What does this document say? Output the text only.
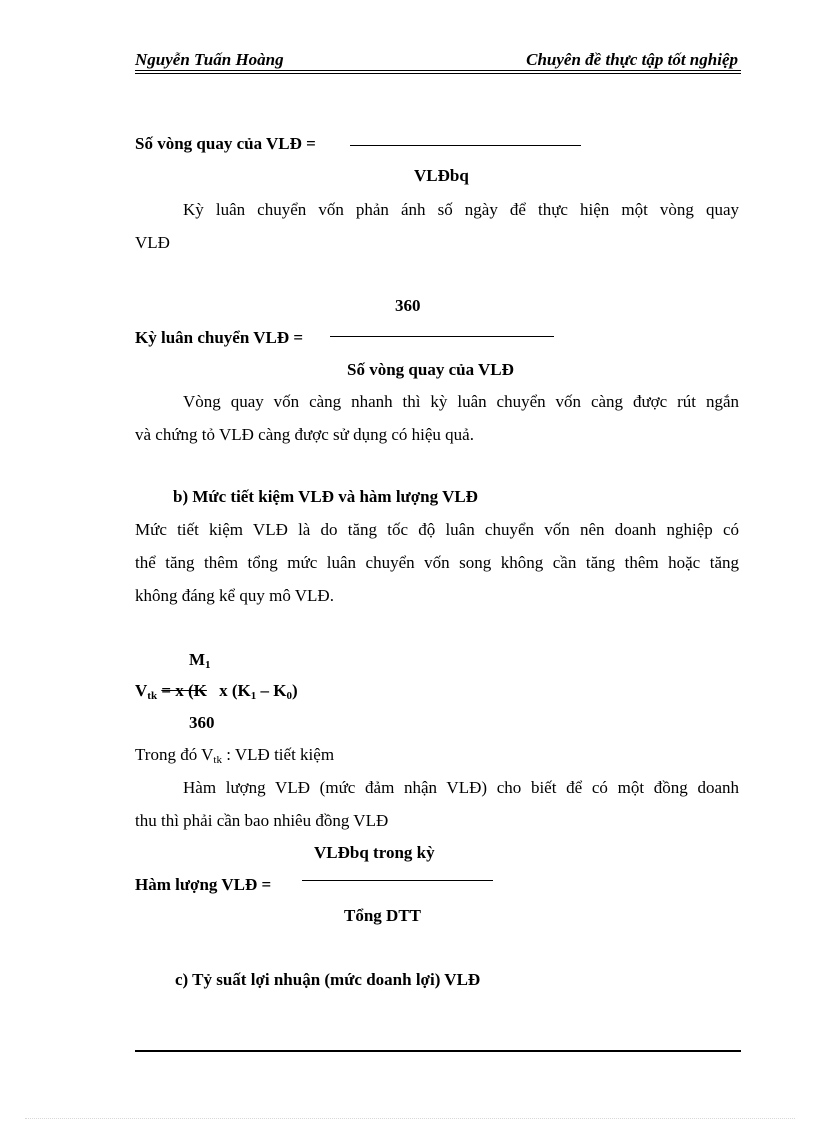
Nguyễn Tuấn Hoàng	Chuyên đề thực tập tốt nghiệp
Số vòng quay của VLĐ =
VLĐbq
Kỳ luân chuyển vốn phản ánh số ngày để thực hiện một vòng quay
VLĐ
360
Kỳ luân chuyển VLĐ =
Số vòng quay của VLĐ
Vòng quay vốn càng nhanh thì kỳ luân chuyển vốn càng được rút ngắn
và chứng tỏ VLĐ càng được sử dụng có hiệu quả.
b) Mức tiết kiệm VLĐ và hàm lượng VLĐ
Mức tiết kiệm VLĐ là do tăng tốc độ luân chuyển vốn nên doanh nghiệp có
thể tăng thêm tổng mức luân chuyển vốn song không cần tăng thêm hoặc tăng
không đáng kể quy mô VLĐ.
$M_1$
$V_{tk} = x$ (K x $(K_1 - K_0)$
360
Trong đó $V_{tk}$ : VLĐ tiết kiệm
Hàm lượng VLĐ (mức đảm nhận VLĐ) cho biết để có một đồng doanh
thu thì phải cần bao nhiêu đồng VLĐ
VLĐbq trong kỳ
Hàm lượng VLĐ =
Tổng DTT
c) Tỷ suất lợi nhuận (mức doanh lợi) VLĐ
